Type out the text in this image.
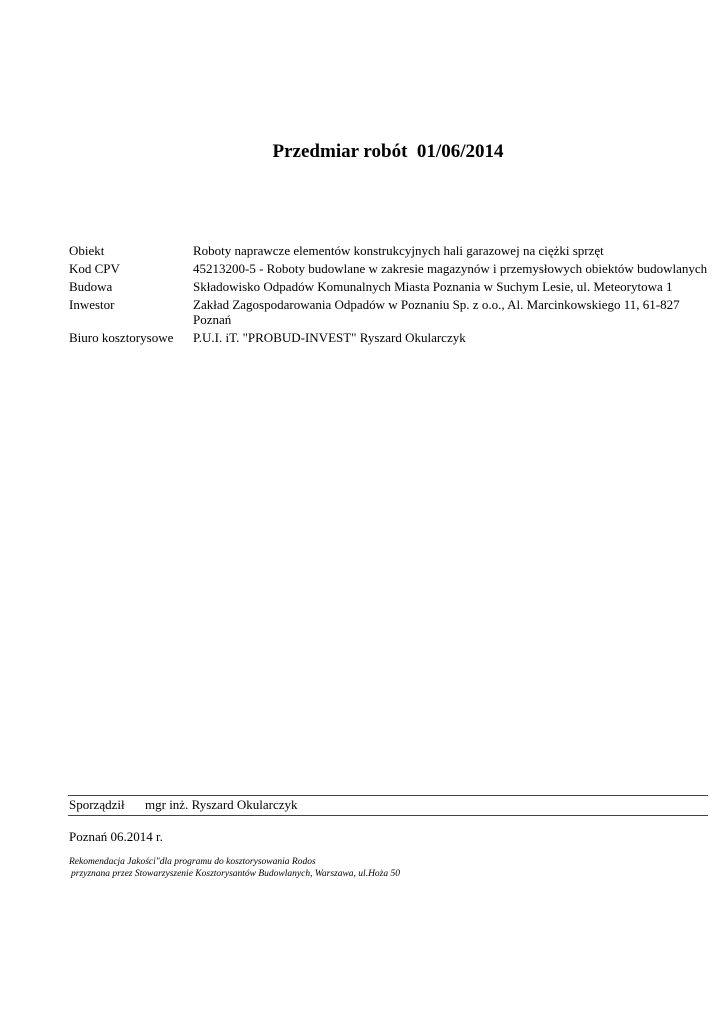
Przedmiar robót  01/06/2014
Obiekt	Roboty naprawcze elementów konstrukcyjnych hali garazowej na ciężki sprzęt
Kod CPV	45213200-5 - Roboty budowlane w zakresie magazynów i przemysłowych obiektów budowlanych
Budowa	Składowisko Odpadów Komunalnych Miasta Poznania w Suchym Lesie, ul. Meteorytowa 1
Inwestor	Zakład Zagospodarowania Odpadów w Poznaniu Sp. z o.o., Al. Marcinkowskiego 11, 61-827 Poznań
Biuro kosztorysowe	P.U.I. iT. "PROBUD-INVEST" Ryszard Okularczyk
Sporządził mgr inż. Ryszard Okularczyk
Poznań 06.2014 r.
Rekomendacja Jakości"dla programu do kosztorysowania Rodos
przyznana przez Stowarzyszenie Kosztorysantów Budowlanych, Warszawa, ul.Hoża 50
